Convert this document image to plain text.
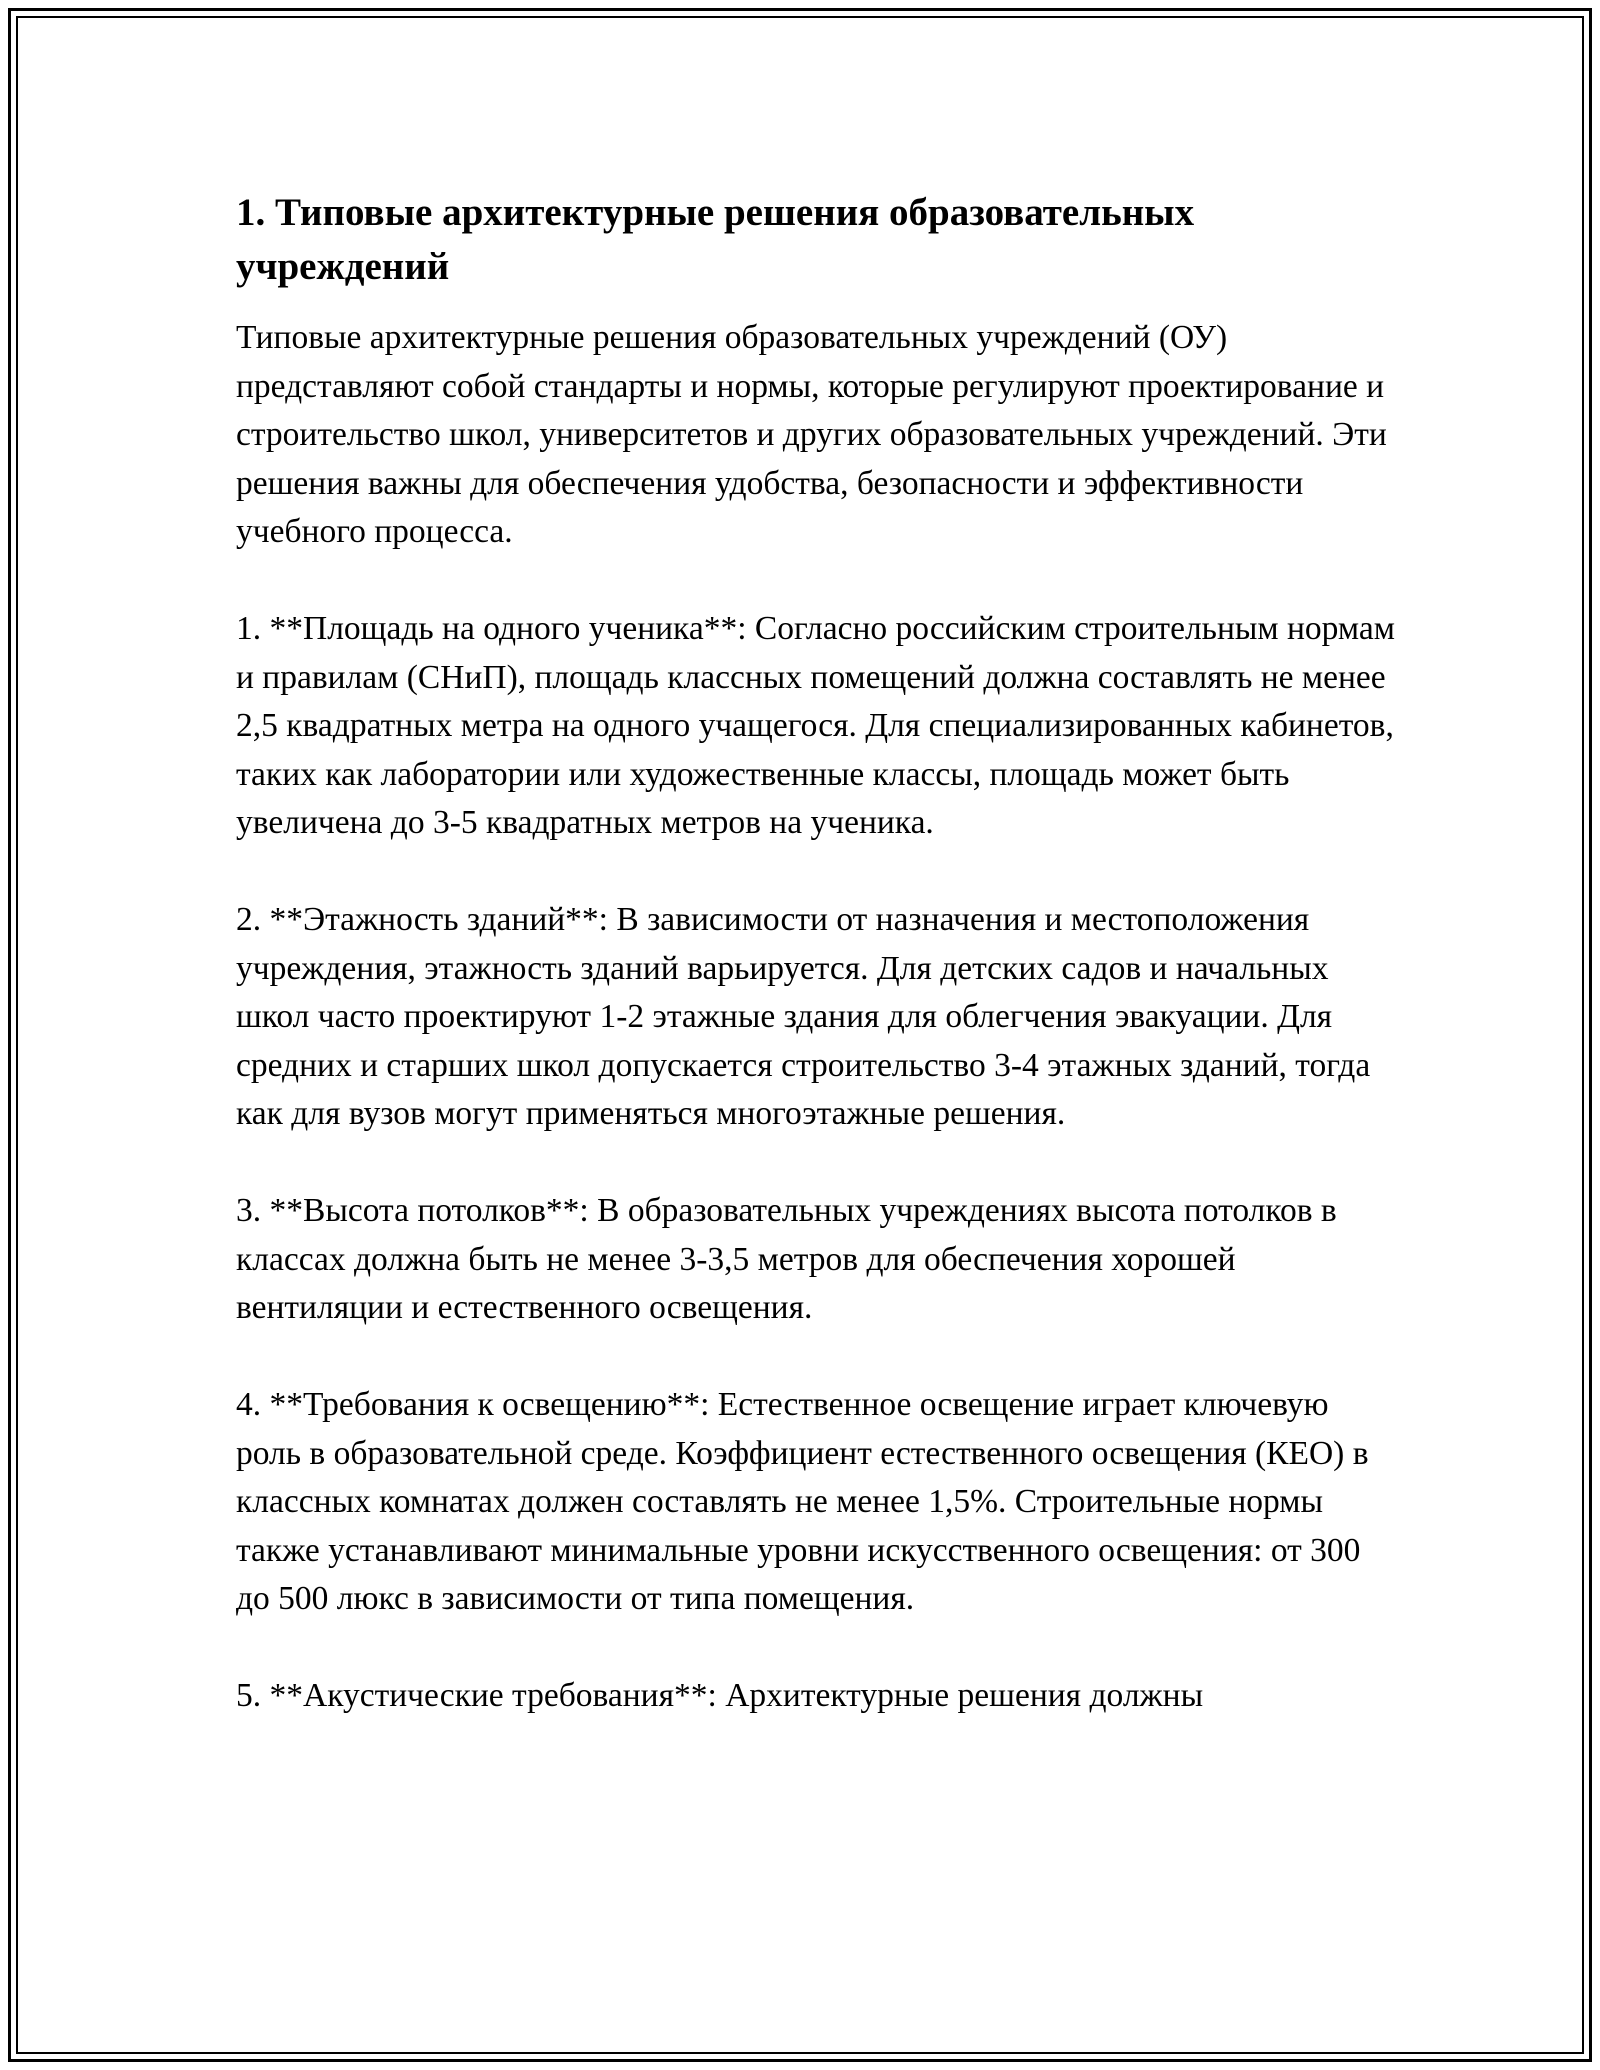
1. Типовые архитектурные решения образовательных учреждений

Типовые архитектурные решения образовательных учреждений (ОУ) представляют собой стандарты и нормы, которые регулируют проектирование и строительство школ, университетов и других образовательных учреждений. Эти решения важны для обеспечения удобства, безопасности и эффективности учебного процесса.

1. **Площадь на одного ученика**: Согласно российским строительным нормам и правилам (СНиП), площадь классных помещений должна составлять не менее 2,5 квадратных метра на одного учащегося. Для специализированных кабинетов, таких как лаборатории или художественные классы, площадь может быть увеличена до 3-5 квадратных метров на ученика.

2. **Этажность зданий**: В зависимости от назначения и местоположения учреждения, этажность зданий варьируется. Для детских садов и начальных школ часто проектируют 1-2 этажные здания для облегчения эвакуации. Для средних и старших школ допускается строительство 3-4 этажных зданий, тогда как для вузов могут применяться многоэтажные решения.

3. **Высота потолков**: В образовательных учреждениях высота потолков в классах должна быть не менее 3-3,5 метров для обеспечения хорошей вентиляции и естественного освещения.

4. **Требования к освещению**: Естественное освещение играет ключевую роль в образовательной среде. Коэффициент естественного освещения (КЕО) в классных комнатах должен составлять не менее 1,5%. Строительные нормы также устанавливают минимальные уровни искусственного освещения: от 300 до 500 люкс в зависимости от типа помещения.

5. **Акустические требования**: Архитектурные решения должны
